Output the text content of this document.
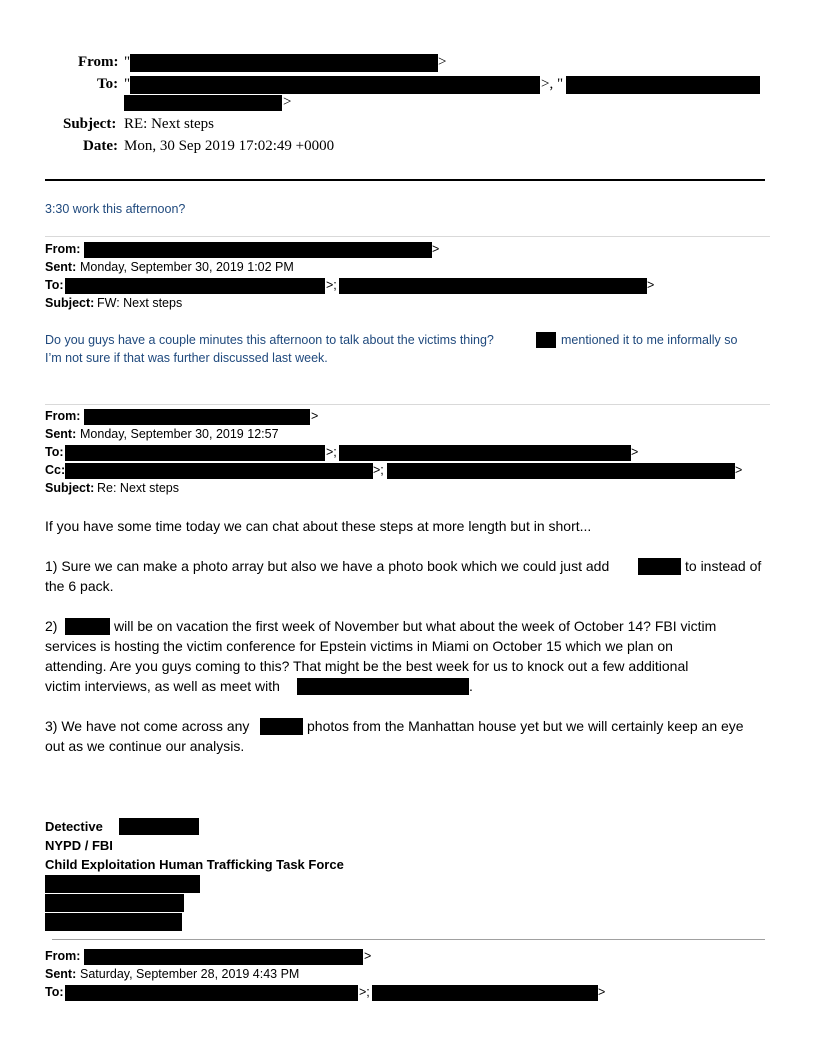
From: "	>
To: "	>, "
>
Subject: RE: Next steps
Date: Mon, 30 Sep 2019 17:02:49 +0000
3:30 work this afternoon?
From:	>
Sent: Monday, September 30, 2019 1:02 PM
To:	>;	>
Subject: FW: Next steps
Do you guys have a couple minutes this afternoon to talk about the victims thing?	mentioned it to me informally so
I’m not sure if that was further discussed last week.
From:	>
Sent: Monday, September 30, 2019 12:57
To:	>;	>
Cc:	>;	>
Subject: Re: Next steps
If you have some time today we can chat about these steps at more length but in short...
1) Sure we can make a photo array but also we have a photo book which we could just add	to instead of
the 6 pack.
2)	will be on vacation the first week of November but what about the week of October 14? FBI victim
services is hosting the victim conference for Epstein victims in Miami on October 15 which we plan on
attending. Are you guys coming to this? That might be the best week for us to knock out a few additional
victim interviews, as well as meet with	.
3) We have not come across any	photos from the Manhattan house yet but we will certainly keep an eye
out as we continue our analysis.
Detective
NYPD / FBI
Child Exploitation Human Trafficking Task Force
From:	>
Sent: Saturday, September 28, 2019 4:43 PM
To:	>;	>
